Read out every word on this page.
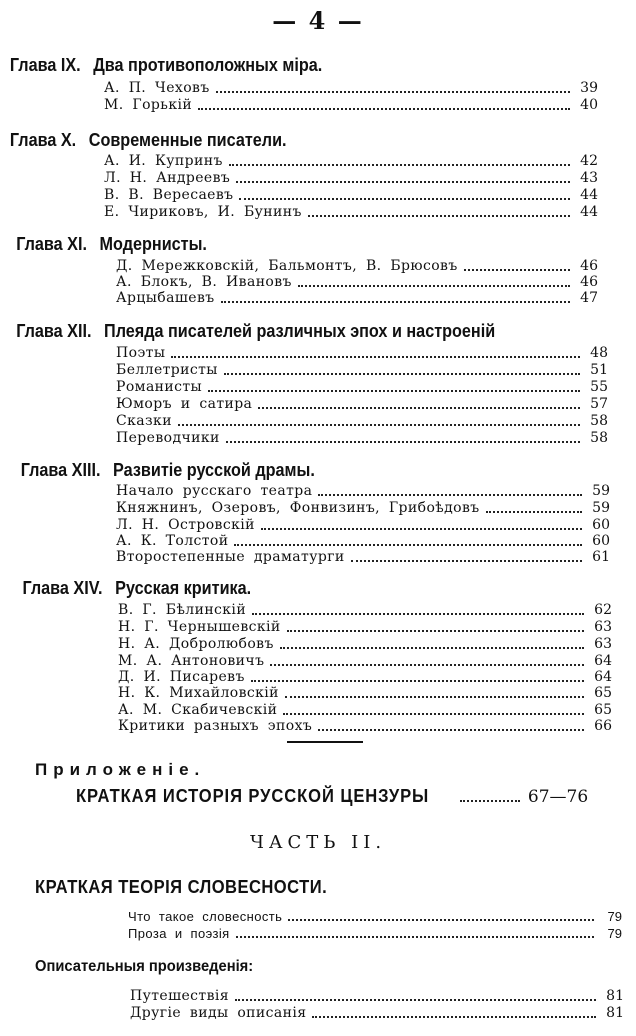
— 4 —
Глава IX. Два противоположных міра.
А. П. Чеховъ	39
М. Горькій	40
Глава X. Современные писатели.
А. И. Купринъ	42
Л. Н. Андреевъ	43
В. В. Вересаевъ	44
Е. Чириковъ, И. Бунинъ	44
Глава XI. Модернисты.
Д. Мережковскій, Бальмонтъ, В. Брюсовъ	46
А. Блокъ, В. Ивановъ	46
Арцыбашевъ	47
Глава XII. Плеяда писателей различных эпох и настроеній
Поэты	48
Беллетристы	51
Романисты	55
Юморъ и сатира	57
Сказки	58
Переводчики	58
Глава XIII. Развитіе русской драмы.
Начало русскаго театра	59
Княжнинъ, Озеровъ, Фонвизинъ, Грибоѣдовъ	59
Л. Н. Островскій	60
А. К. Толстой	60
Второстепенные драматурги	61
Глава XIV. Русская критика.
В. Г. Бѣлинскій	62
Н. Г. Чернышевскій	63
Н. А. Добролюбовъ	63
М. А. Антоновичъ	64
Д. И. Писаревъ	64
Н. К. Михайловскій	65
А. М. Скабичевскій	65
Критики разныхъ эпохъ	66
Приложеніе.
КРАТКАЯ ИСТОРІЯ РУССКОЙ ЦЕНЗУРЫ	67—76
ЧАСТЬ II.
КРАТКАЯ ТЕОРІЯ СЛОВЕСНОСТИ.
Что такое словесность	79
Проза и поэзія	79
Описательныя произведенія:
Путешествія	81
Другіе виды описанія	81
